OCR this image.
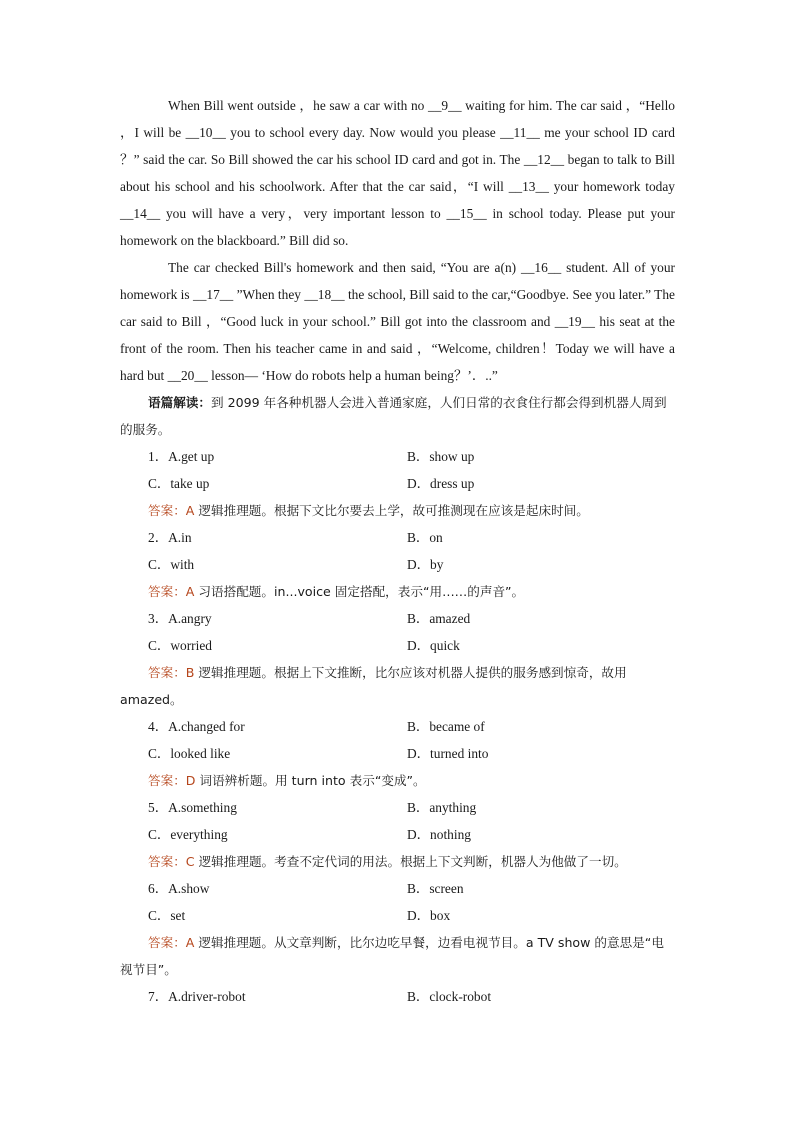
When Bill went outside ，he saw a car with no __9__ waiting for him. The car said ，“Hello ，I will be __10__ you to school every day. Now would you please __11__ me your school ID card ？” said the car. So Bill showed the car his school ID card and got in. The __12__ began to talk to Bill about his school and his schoolwork. After that the car said，“I will __13__ your homework today __14__ you will have a very，very important lesson to __15__ in school today. Please put your homework on the blackboard.” Bill did so.

The car checked Bill's homework and then said, “You are a(n) __16__ student. All of your homework is __17__ ”When they __18__ the school, Bill said to the car,“Goodbye. See you later.” The car said to Bill ，“Good luck in your school.” Bill got into the classroom and __19__ his seat at the front of the room. Then his teacher came in and said ，“Welcome, children！Today we will have a hard but __20__ lesson— ‘How do robots help a human being？’．..”

语篇解读：到 2099 年各种机器人会进入普通家庭，人们日常的衣食住行都会得到机器人周到的服务。

1．A.get up	B．show up
C．take up	D．dress up

答案：A 逻辑推理题。根据下文比尔要去上学，故可推测现在应该是起床时间。

2．A.in	B．on
C．with	D．by

答案：A 习语搭配题。in...voice 固定搭配，表示“用……的声音”。

3．A.angry	B．amazed
C．worried	D．quick

答案：B 逻辑推理题。根据上下文推断，比尔应该对机器人提供的服务感到惊奇，故用 amazed。

4．A.changed for	B．became of
C．looked like	D．turned into

答案：D 词语辨析题。用 turn into 表示“变成”。

5．A.something	B．anything
C．everything	D．nothing

答案：C 逻辑推理题。考查不定代词的用法。根据上下文判断，机器人为他做了一切。

6．A.show	B．screen
C．set	D．box

答案：A 逻辑推理题。从文章判断，比尔边吃早餐，边看电视节目。a TV show 的意思是“电视节目”。

7．A.driver-robot	B．clock-robot
